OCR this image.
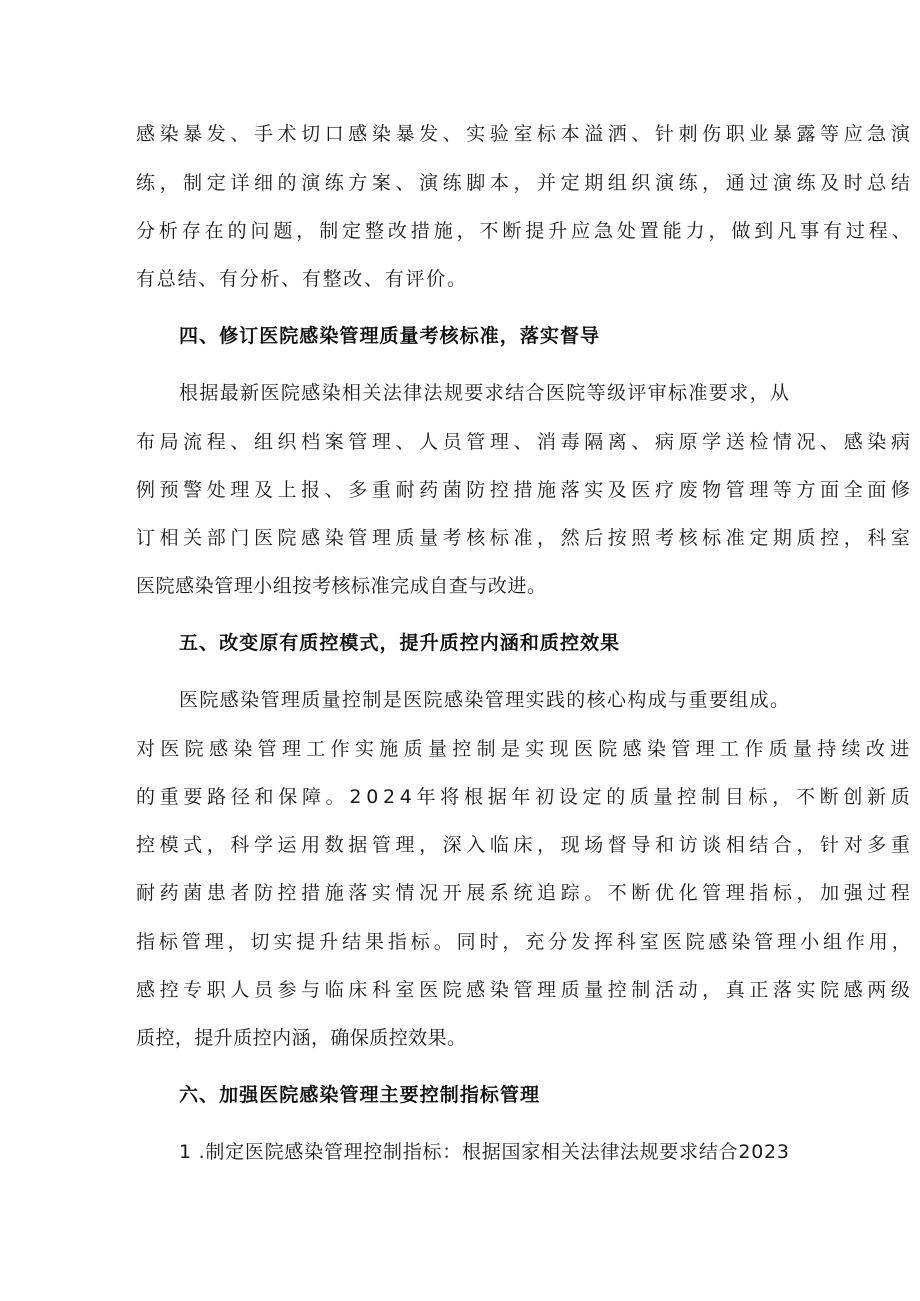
感染暴发、手术切口感染暴发、实验室标本溢洒、针刺伤职业暴露等应急演
练，制定详细的演练方案、演练脚本，并定期组织演练，通过演练及时总结
分析存在的问题，制定整改措施，不断提升应急处置能力，做到凡事有过程、
有总结、有分析、有整改、有评价。
四、修订医院感染管理质量考核标准，落实督导
根据最新医院感染相关法律法规要求结合医院等级评审标准要求，从
布局流程、组织档案管理、人员管理、消毒隔离、病原学送检情况、感染病
例预警处理及上报、多重耐药菌防控措施落实及医疗废物管理等方面全面修
订相关部门医院感染管理质量考核标准，然后按照考核标准定期质控，科室
医院感染管理小组按考核标准完成自查与改进。
五、改变原有质控模式，提升质控内涵和质控效果
医院感染管理质量控制是医院感染管理实践的核心构成与重要组成。
对医院感染管理工作实施质量控制是实现医院感染管理工作质量持续改进
的重要路径和保障。2024年将根据年初设定的质量控制目标，不断创新质
控模式，科学运用数据管理，深入临床，现场督导和访谈相结合，针对多重
耐药菌患者防控措施落实情况开展系统追踪。不断优化管理指标，加强过程
指标管理，切实提升结果指标。同时，充分发挥科室医院感染管理小组作用，
感控专职人员参与临床科室医院感染管理质量控制活动，真正落实院感两级
质控，提升质控内涵，确保质控效果。
六、加强医院感染管理主要控制指标管理
1 .制定医院感染管理控制指标：根据国家相关法律法规要求结合2023
